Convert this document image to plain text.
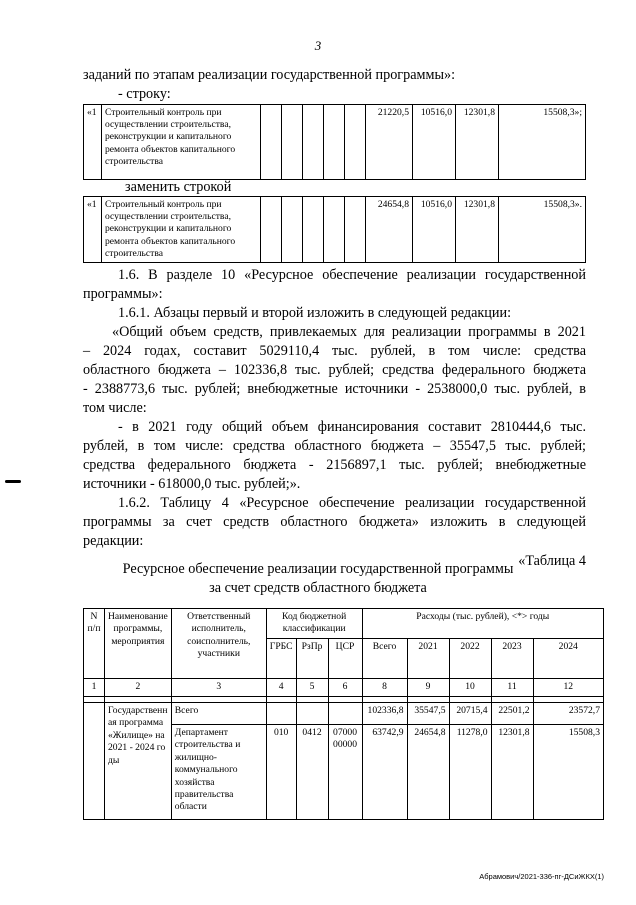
3
заданий по этапам реализации государственной программы»:
- строку:
«1	Строительный контроль при осуществлении строительства, реконструкции и капитального ремонта объектов капитального строительства						21220,5	10516,0	12301,8	15508,3»;
заменить строкой
«1	Строительный контроль при осуществлении строительства, реконструкции и капитального ремонта объектов капитального строительства						24654,8	10516,0	12301,8	15508,3».
1.6. В разделе 10 «Ресурсное обеспечение реализации государственной
программы»:
1.6.1. Абзацы первый и второй изложить в следующей редакции:
«Общий объем средств, привлекаемых для реализации программы в 2021
– 2024 годах, составит 5029110,4 тыс. рублей, в том числе: средства
областного бюджета – 102336,8 тыс. рублей; средства федерального бюджета
- 2388773,6 тыс. рублей; внебюджетные источники - 2538000,0 тыс. рублей, в
том числе:
- в 2021 году общий объем финансирования составит 2810444,6 тыс.
рублей, в том числе: средства областного бюджета – 35547,5 тыс. рублей;
средства федерального бюджета - 2156897,1 тыс. рублей; внебюджетные
источники - 618000,0 тыс. рублей;».
1.6.2. Таблицу 4 «Ресурсное обеспечение реализации государственной
программы за счет средств областного бюджета» изложить в следующей
редакции:
«Таблица 4
Ресурсное обеспечение реализации государственной программы
за счет средств областного бюджета
N п/п	Наименование программы, мероприятия	Ответственный исполнитель, соисполнитель, участники	Код бюджетной классификации			Расходы (тыс. рублей), <*> годы				
			ГРБС	РзПр	ЦСР	Всего	2021	2022	2023	2024
1	2	3	4	5	6	8	9	10	11	12

	Государственная программа «Жилище» на 2021 - 2024 годы	Всего				102336,8	35547,5	20715,4	22501,2	23572,7
		Департамент строительства и жилищно-коммунального хозяйства правительства области	010	0412	0700000000	63742,9	24654,8	11278,0	12301,8	15508,3
Абрамович/2021-336-пг-ДСиЖКХ(1)
